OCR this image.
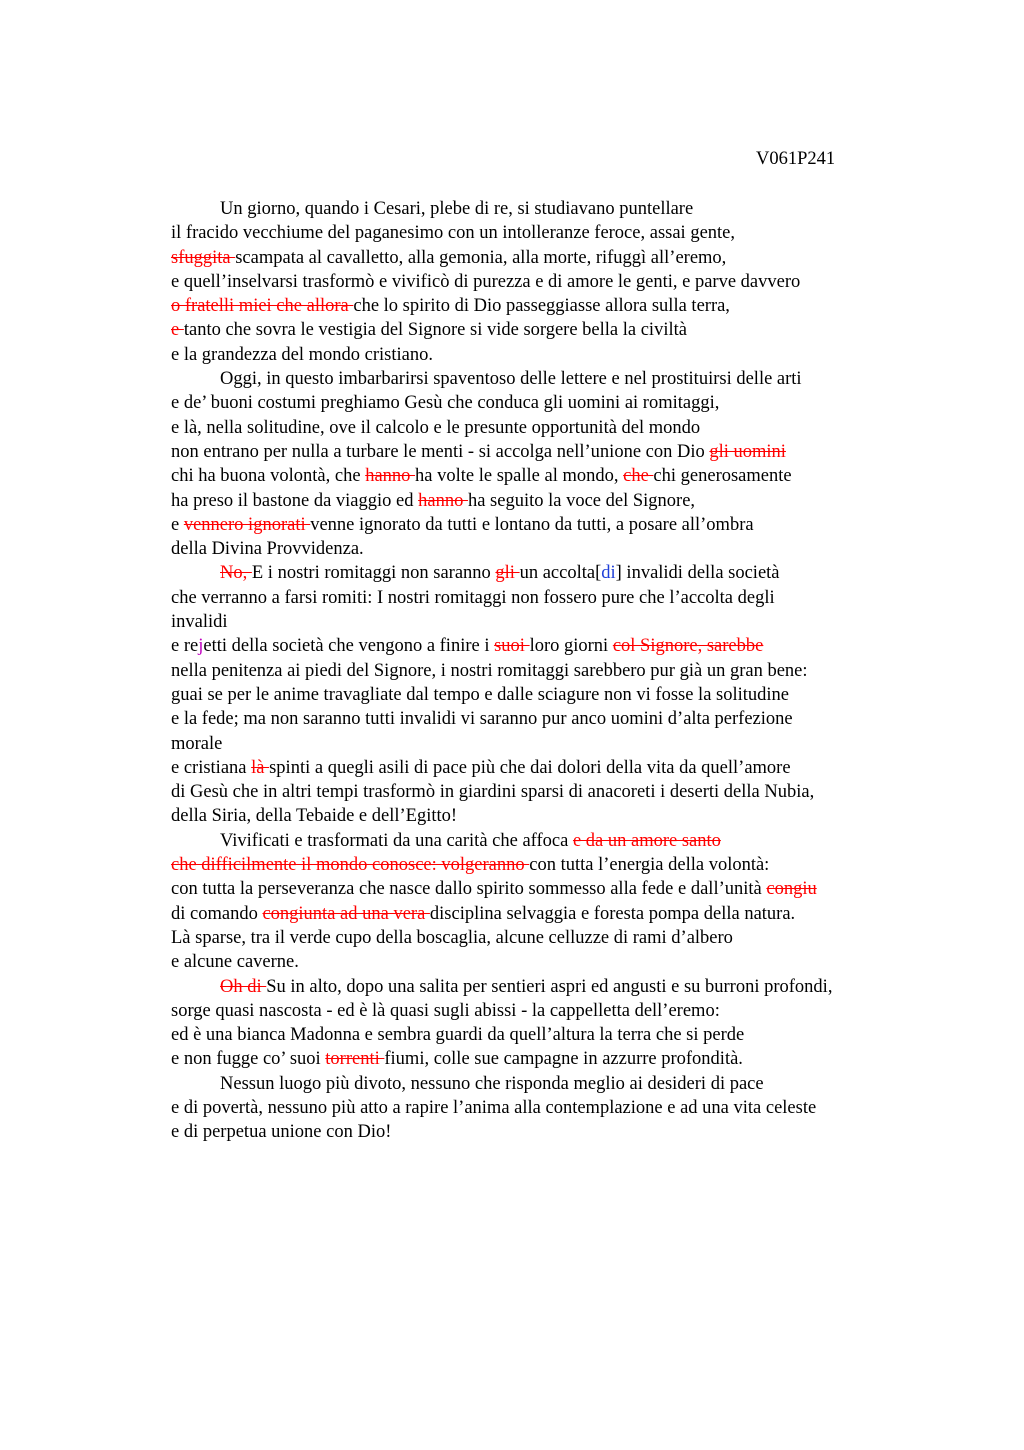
V061P241
Un giorno, quando i Cesari, plebe di re, si studiavano puntellare
il fracido vecchiume del paganesimo con un intolleranze feroce, assai gente,
sfuggita scampata al cavalletto, alla gemonia, alla morte, rifuggì all’eremo,
e quell’inselvarsi trasformò e vivificò di purezza e di amore le genti, e parve davvero
o fratelli miei che allora che lo spirito di Dio passeggiasse allora sulla terra,
e tanto che sovra le vestigia del Signore si vide sorgere bella la civiltà
e la grandezza del mondo cristiano.
Oggi, in questo imbarbarirsi spaventoso delle lettere e nel prostituirsi delle arti
e de’ buoni costumi preghiamo Gesù che conduca gli uomini ai romitaggi,
e là, nella solitudine, ove il calcolo e le presunte opportunità del mondo
non entrano per nulla a turbare le menti - si accolga nell’unione con Dio gli uomini
chi ha buona volontà, che hanno ha volte le spalle al mondo, che chi generosamente
ha preso il bastone da viaggio ed hanno ha seguito la voce del Signore,
e vennero ignorati venne ignorato da tutti e lontano da tutti, a posare all’ombra
della Divina Provvidenza.
No, E i nostri romitaggi non saranno gli un accolta[di] invalidi della società
che verranno a farsi romiti: I nostri romitaggi non fossero pure che l’accolta degli
invalidi
e rejetti della società che vengono a finire i suoi loro giorni col Signore, sarebbe
nella penitenza ai piedi del Signore, i nostri romitaggi sarebbero pur già un gran bene:
guai se per le anime travagliate dal tempo e dalle sciagure non vi fosse la solitudine
e la fede; ma non saranno tutti invalidi vi saranno pur anco uomini d’alta perfezione
morale
e cristiana là spinti a quegli asili di pace più che dai dolori della vita da quell’amore
di Gesù che in altri tempi trasformò in giardini sparsi di anacoreti i deserti della Nubia,
della Siria, della Tebaide e dell’Egitto!
Vivificati e trasformati da una carità che affoca e da un amore santo
che difficilmente il mondo conosce: volgeranno con tutta l’energia della volontà:
con tutta la perseveranza che nasce dallo spirito sommesso alla fede e dall’unità congiu
di comando congiunta ad una vera disciplina selvaggia e foresta pompa della natura.
Là sparse, tra il verde cupo della boscaglia, alcune celluzze di rami d’albero
e alcune caverne.
Oh di Su in alto, dopo una salita per sentieri aspri ed angusti e su burroni profondi,
sorge quasi nascosta - ed è là quasi sugli abissi - la cappelletta dell’eremo:
ed è una bianca Madonna e sembra guardi da quell’altura la terra che si perde
e non fugge co’ suoi torrenti fiumi, colle sue campagne in azzurre profondità.
Nessun luogo più divoto, nessuno che risponda meglio ai desideri di pace
e di povertà, nessuno più atto a rapire l’anima alla contemplazione e ad una vita celeste
e di perpetua unione con Dio!
